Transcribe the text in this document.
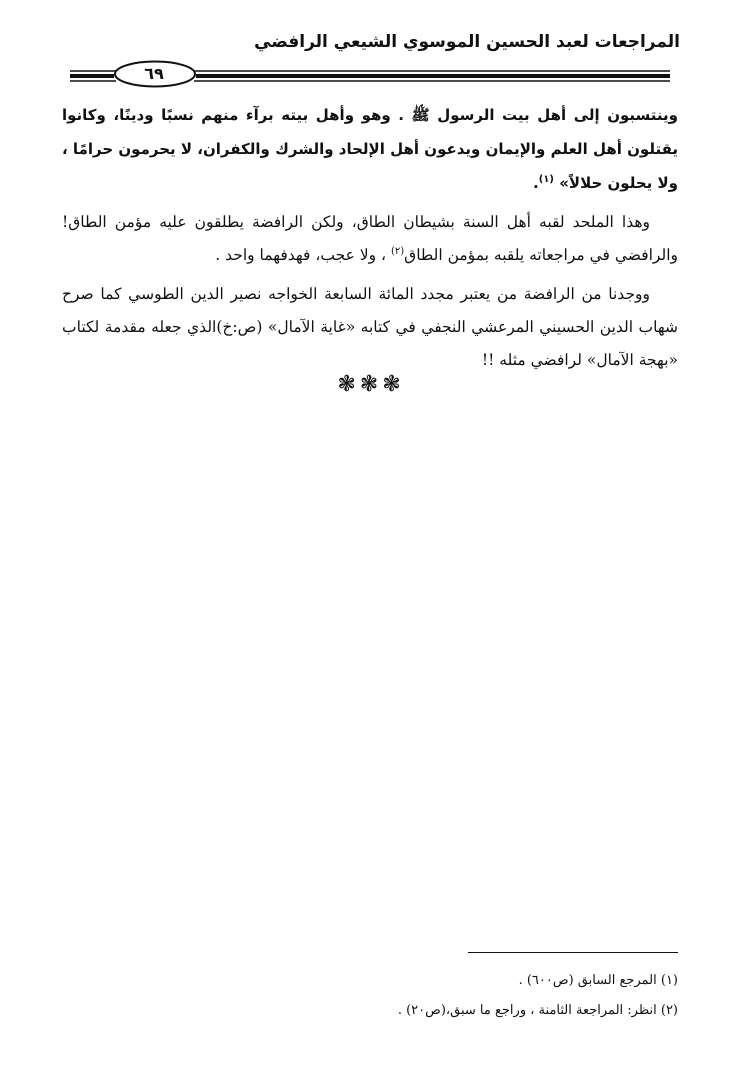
المراجعات لعبد الحسين الموسوي الشيعي الرافضي
٦٩

وينتسبون إلى أهل بيت الرسول ﷺ . وهو وأهل بيته برآء منهم نسبًا ودينًا، وكانوا يقتلون أهل العلم والإيمان ويدعون أهل الإلحاد والشرك والكفران، لا يحرمون حرامًا ، ولا يحلون حلالاً» $^{(١)}$.

وهذا الملحد لقبه أهل السنة بشيطان الطاق، ولكن الرافضة يطلقون عليه مؤمن الطاق! والرافضي في مراجعاته يلقبه بمؤمن الطاق$^{(٢)}$ ، ولا عجب، فهدفهما واحد .

ووجدنا من الرافضة من يعتبر مجدد المائة السابعة الخواجه نصير الدين الطوسي كما صرح شهاب الدين الحسيني المرعشي النجفي في كتابه «غاية الآمال» (ص:خ)الذي جعله مقدمة لكتاب «بهجة الآمال» لرافضي مثله !!

❃❃❃
(١) المرجع السابق (ص٦٠٠) .
(٢) انظر: المراجعة الثامنة ، وراجع ما سبق،(ص٢٠) .
